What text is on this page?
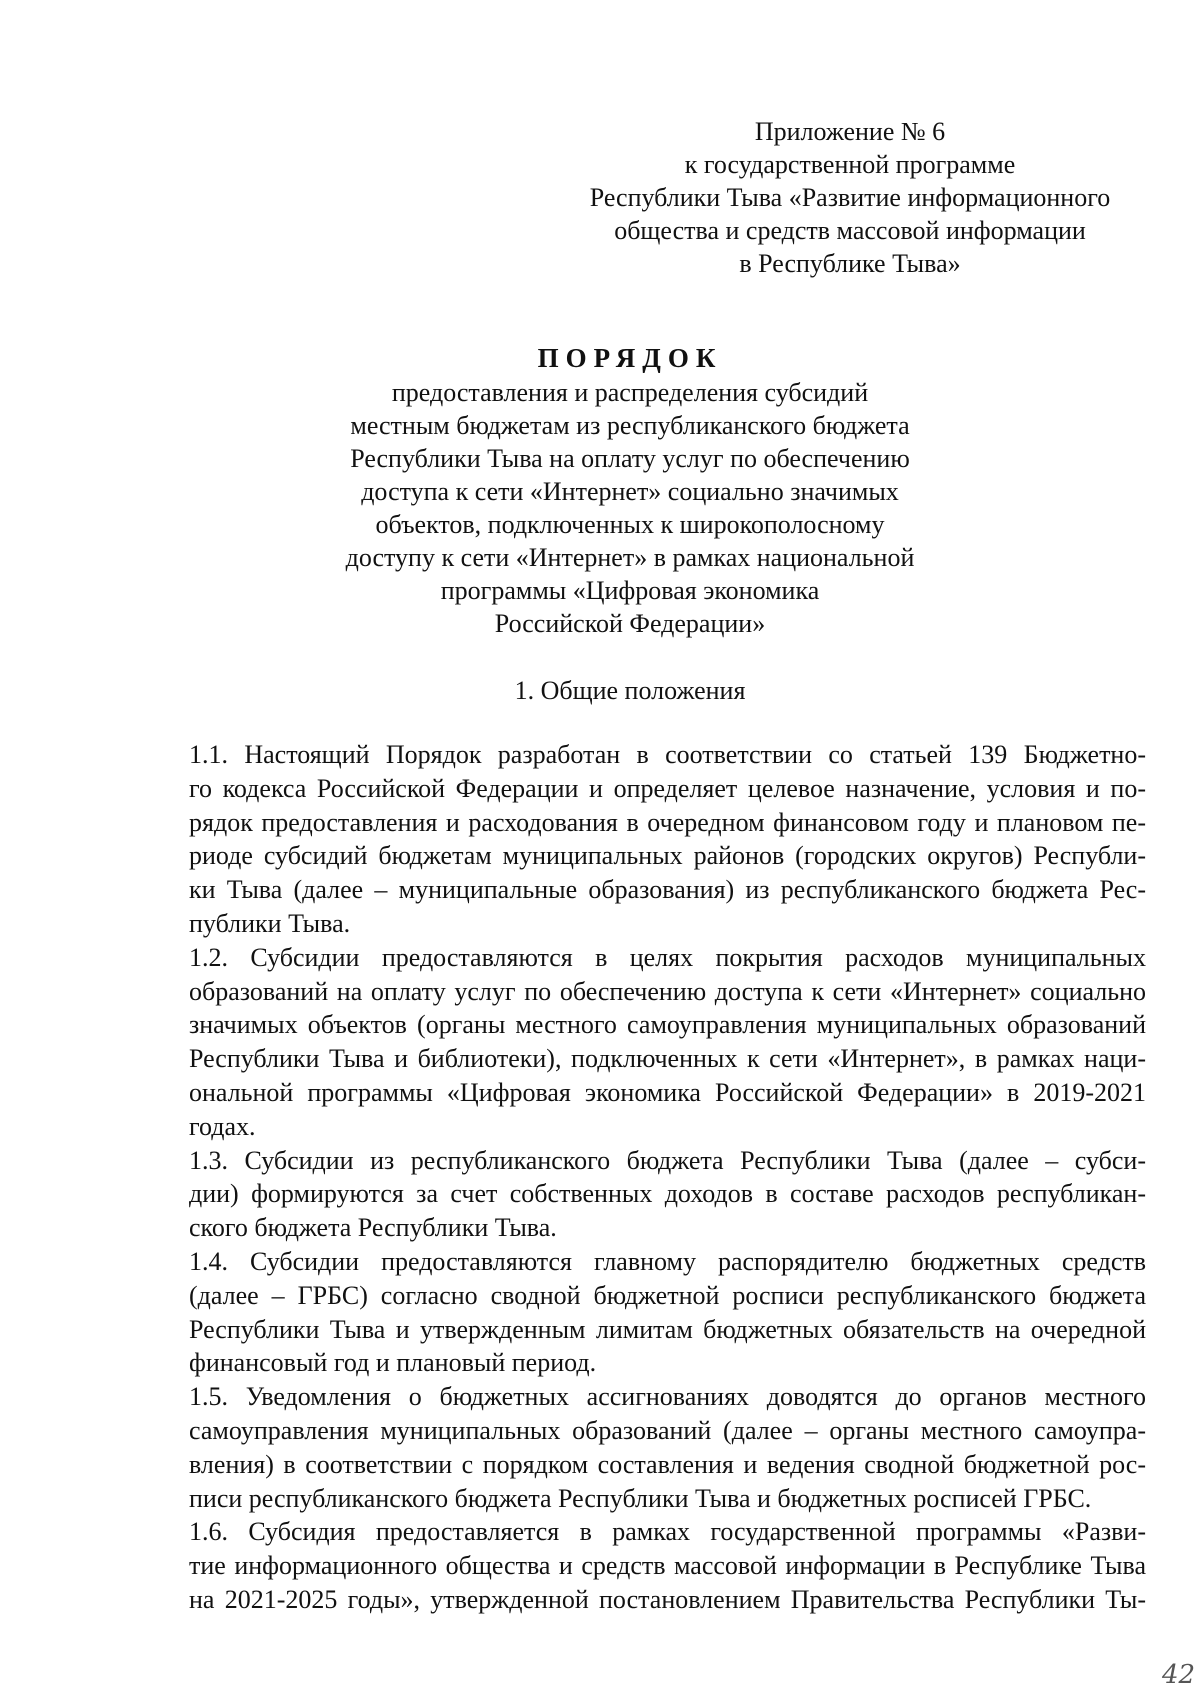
Приложение № 6
к государственной программе
Республики Тыва «Развитие информационного
общества и средств массовой информации
в Республике Тыва»
ПОРЯДОК
предоставления и распределения субсидий
местным бюджетам из республиканского бюджета
Республики Тыва на оплату услуг по обеспечению
доступа к сети «Интернет» социально значимых
объектов, подключенных к широкополосному
доступу к сети «Интернет» в рамках национальной
программы «Цифровая экономика
Российской Федерации»
1. Общие положения
1.1. Настоящий Порядок разработан в соответствии со статьей 139 Бюджетно-
го кодекса Российской Федерации и определяет целевое назначение, условия и по-
рядок предоставления и расходования в очередном финансовом году и плановом пе-
риоде субсидий бюджетам муниципальных районов (городских округов) Республи-
ки Тыва (далее – муниципальные образования) из республиканского бюджета Рес-
публики Тыва.
1.2. Субсидии предоставляются в целях покрытия расходов муниципальных
образований на оплату услуг по обеспечению доступа к сети «Интернет» социально
значимых объектов (органы местного самоуправления муниципальных образований
Республики Тыва и библиотеки), подключенных к сети «Интернет», в рамках наци-
ональной программы «Цифровая экономика Российской Федерации» в 2019-2021
годах.
1.3. Субсидии из республиканского бюджета Республики Тыва (далее – субси-
дии) формируются за счет собственных доходов в составе расходов республикан-
ского бюджета Республики Тыва.
1.4. Субсидии предоставляются главному распорядителю бюджетных средств
(далее – ГРБС) согласно сводной бюджетной росписи республиканского бюджета
Республики Тыва и утвержденным лимитам бюджетных обязательств на очередной
финансовый год и плановый период.
1.5. Уведомления о бюджетных ассигнованиях доводятся до органов местного
самоуправления муниципальных образований (далее – органы местного самоупра-
вления) в соответствии с порядком составления и ведения сводной бюджетной рос-
писи республиканского бюджета Республики Тыва и бюджетных росписей ГРБС.
1.6. Субсидия предоставляется в рамках государственной программы «Разви-
тие информационного общества и средств массовой информации в Республике Тыва
на 2021-2025 годы», утвержденной постановлением Правительства Республики Ты-
42
